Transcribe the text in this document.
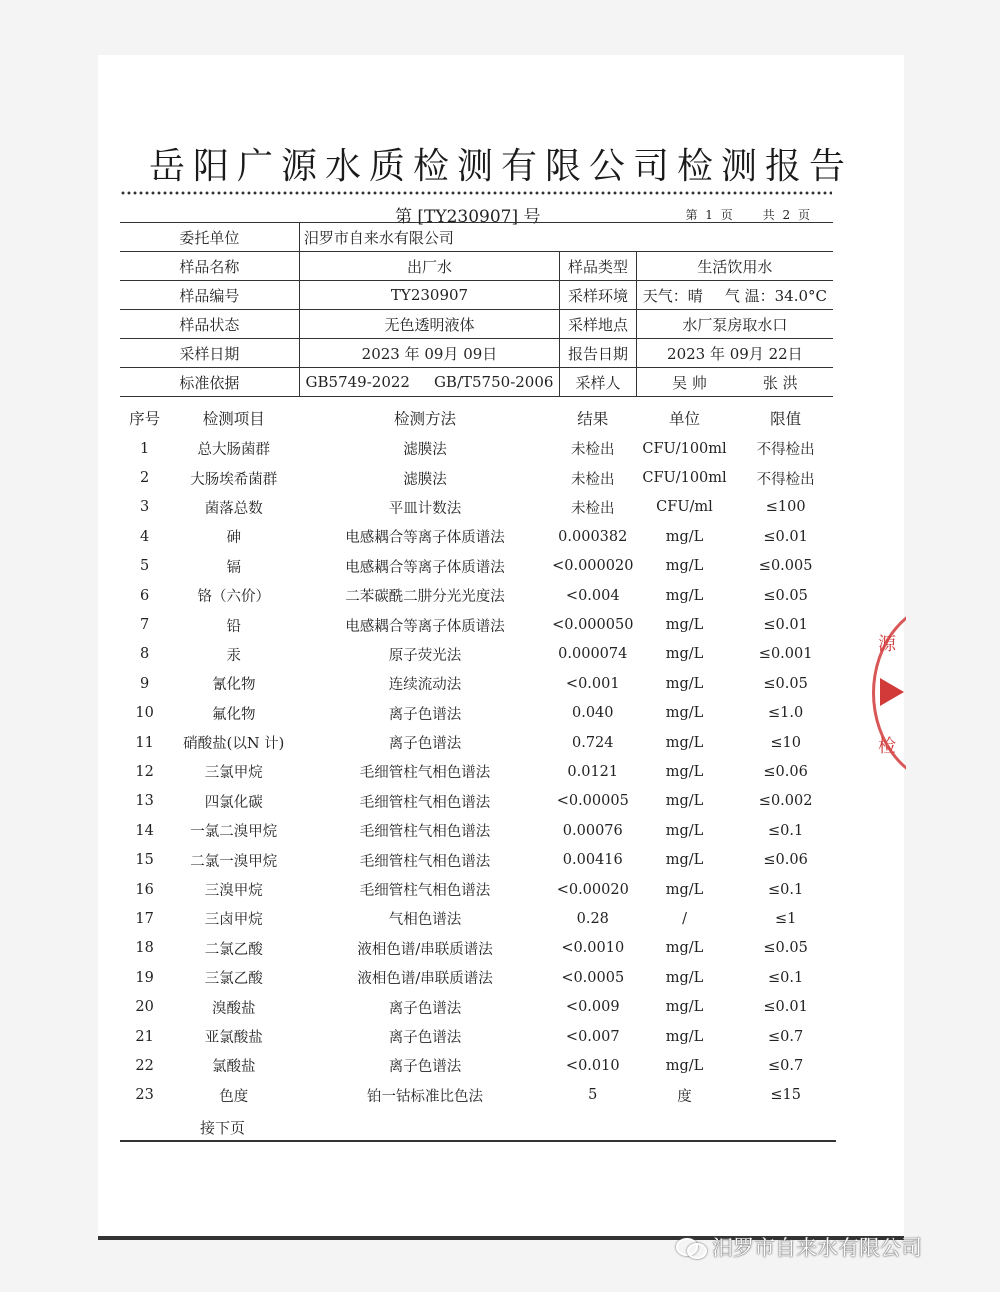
岳阳广源水质检测有限公司检测报告
第 [TY230907] 号	第 1 页　　共 2 页
委托单位	汨罗市自来水有限公司		
样品名称	出厂水	样品类型	生活饮用水
样品编号	TY230907	采样环境	天气：晴 气 温：34.0°C

样品状态	无色透明液体	采样地点	水厂泵房取水口
采样日期	2023 年 09月 09日	报告日期	2023 年 09月 22日
标准依据	GB5749-2022 GB/T5750-2006	采样人	吴 帅 张 洪
序号	检测项目	检测方法	结果	单位	限值
1	总大肠菌群	滤膜法	未检出	CFU/100ml	不得检出
2	大肠埃希菌群	滤膜法	未检出	CFU/100ml	不得检出
3	菌落总数	平皿计数法	未检出	CFU/ml	≤100
4	砷	电感耦合等离子体质谱法	0.000382	mg/L	≤0.01
5	镉	电感耦合等离子体质谱法	<0.000020	mg/L	≤0.005
6	铬（六价）	二苯碳酰二肼分光光度法	<0.004	mg/L	≤0.05
7	铅	电感耦合等离子体质谱法	<0.000050	mg/L	≤0.01
8	汞	原子荧光法	0.000074	mg/L	≤0.001
9	氰化物	连续流动法	<0.001	mg/L	≤0.05
10	氟化物	离子色谱法	0.040	mg/L	≤1.0
11	硝酸盐(以N 计)	离子色谱法	0.724	mg/L	≤10
12	三氯甲烷	毛细管柱气相色谱法	0.0121	mg/L	≤0.06
13	四氯化碳	毛细管柱气相色谱法	<0.00005	mg/L	≤0.002
14	一氯二溴甲烷	毛细管柱气相色谱法	0.00076	mg/L	≤0.1
15	二氯一溴甲烷	毛细管柱气相色谱法	0.00416	mg/L	≤0.06
16	三溴甲烷	毛细管柱气相色谱法	<0.00020	mg/L	≤0.1
17	三卤甲烷	气相色谱法	0.28	/	≤1
18	二氯乙酸	液相色谱/串联质谱法	<0.0010	mg/L	≤0.05
19	三氯乙酸	液相色谱/串联质谱法	<0.0005	mg/L	≤0.1
20	溴酸盐	离子色谱法	<0.009	mg/L	≤0.01
21	亚氯酸盐	离子色谱法	<0.007	mg/L	≤0.7
22	氯酸盐	离子色谱法	<0.010	mg/L	≤0.7
23	色度	铂一钴标准比色法	5	度	≤15
接下页
源
检
汨罗市自来水有限公司
